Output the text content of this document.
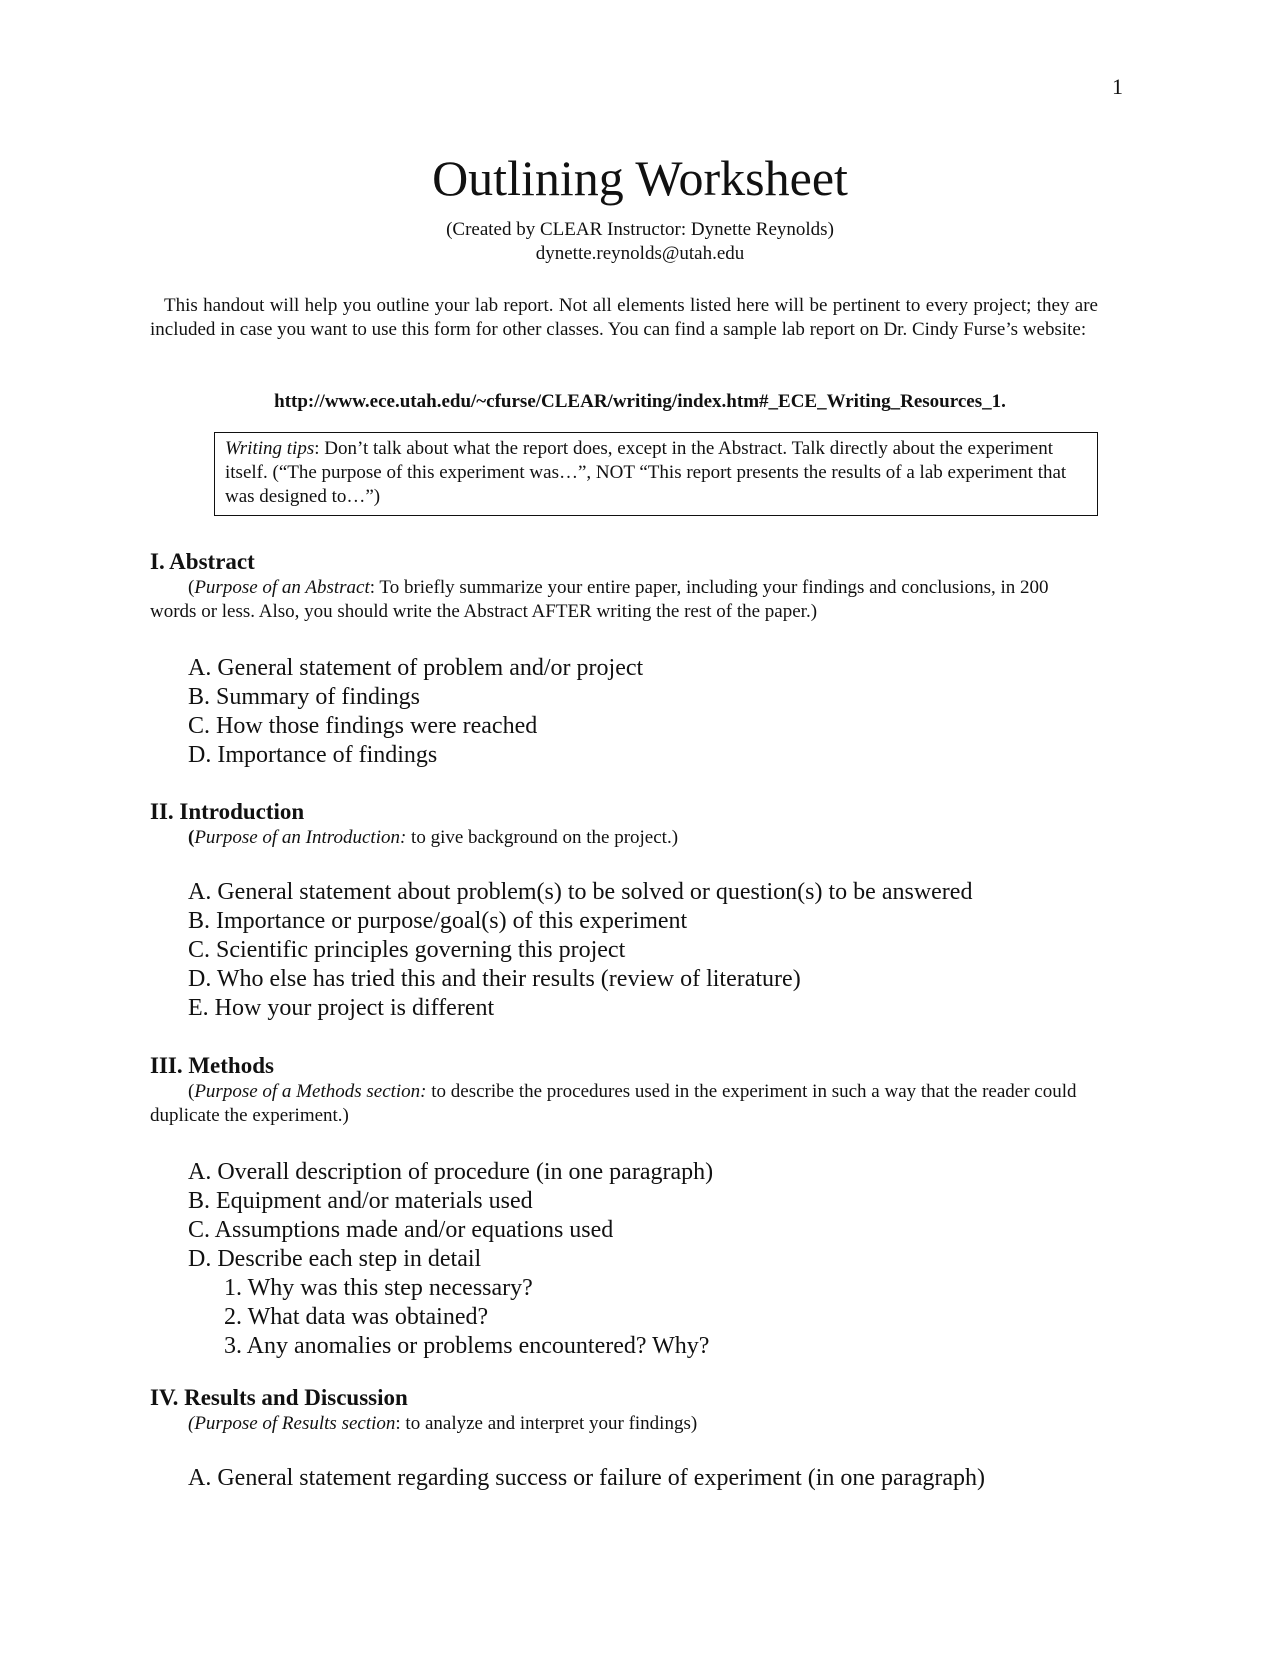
1
Outlining Worksheet
(Created by CLEAR Instructor: Dynette Reynolds)
dynette.reynolds@utah.edu
This handout will help you outline your lab report. Not all elements listed here will be pertinent to every project; they are included in case you want to use this form for other classes. You can find a sample lab report on Dr. Cindy Furse’s website:
http://www.ece.utah.edu/~cfurse/CLEAR/writing/index.htm#_ECE_Writing_Resources_1.
Writing tips: Don’t talk about what the report does, except in the Abstract. Talk directly about the experiment itself. (“The purpose of this experiment was…”, NOT “This report presents the results of a lab experiment that was designed to…”)
I. Abstract
(Purpose of an Abstract: To briefly summarize your entire paper, including your findings and conclusions, in 200 words or less. Also, you should write the Abstract AFTER writing the rest of the paper.)
A. General statement of problem and/or project
B. Summary of findings
C. How those findings were reached
D. Importance of findings
II. Introduction
(Purpose of an Introduction: to give background on the project.)
A. General statement about problem(s) to be solved or question(s) to be answered
B. Importance or purpose/goal(s) of this experiment
C. Scientific principles governing this project
D. Who else has tried this and their results (review of literature)
E. How your project is different
III. Methods
(Purpose of a Methods section: to describe the procedures used in the experiment in such a way that the reader could duplicate the experiment.)
A. Overall description of procedure (in one paragraph)
B. Equipment and/or materials used
C. Assumptions made and/or equations used
D. Describe each step in detail
1. Why was this step necessary?
2. What data was obtained?
3. Any anomalies or problems encountered? Why?
IV. Results and Discussion
(Purpose of Results section: to analyze and interpret your findings)
A. General statement regarding success or failure of experiment (in one paragraph)
